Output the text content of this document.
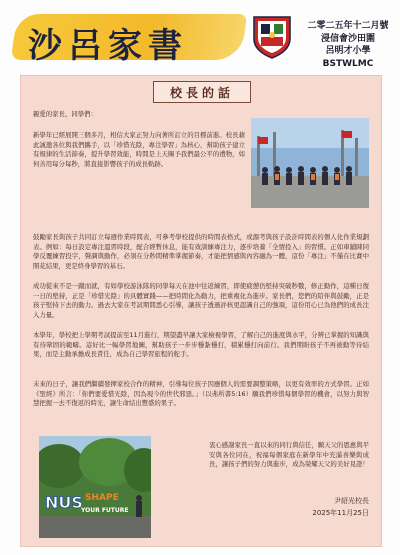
沙呂家書	二零二五年十二月號
浸信會沙田圍
呂明才小學
BSTWLMC
校長的話
親愛的家長、同學們：
新學年已經展開三個多月，相信大家正努力向著所訂立的目標前進。校長藉此誠邀各位與我們攜手，以「珍惜光陰，專注學習」為核心，幫助孩子建立有規律的生活節奏，提升學習效能，時間是上天賜予我們最公平的禮物，如何善用每分每秒，將直接影響孩子的成長軌跡。
鼓勵家長與孩子共同訂立每週作業時間表，可參考學校提供的時間表格式，或源考與孩子設計時間表的個人化作業規劃表。例如：每日設定專注溫習時段，配合經暫休息，能有效訓練專注力，逐步培養「全情投入」的習慣。正如車鋪陳同學反覆練習投字，聲調與動作，必須在分秒間精準掌握節奏，才能把情感與內容融為一體，這份「專注」不僅在比賽中開花結果，更是終身學習的基石。
成功從來不是一蹴而就，有如學校游泳隊的同學每天在池中往返練習，即使疲憊仍堅持突破秒數，修正動作，這種日復一日的堅持，正是「珍惜光陰」的具體實踐——把時間化為動力，把重複化為進步。家長們，您們的陪伴與鼓勵，正是孩子堅持下去的動力。過去大家在考試期間悉心引導，讓孩子透過評核更認識自己的強項，這份用心已為他們的成長注入力量。
本學年，學校把上學期考試提前至11月進行，期望盡早讓大家檢視學習，了解自己的進度與水平，分辨已掌握的知識與有待鞏固的範疇。這好比一幅學習地圖，幫助孩子一步步穩紮穩打，積累穩打向前行。我們期盼孩子不再被動等待結果，而是主動承擔成長責任，成為自己學習旅程的舵手。
未來的日子，讓我們繼續發揮家校合作的精神，引導每位孩子因應個人的需要調整策略，以更有效率的方式學習。正如《聖經》所言：「你們要愛惜光陰，因為現今的世代邪惡。」（以弗所書5:16）願我們珍惜每個學習的機會，以努力與智慧把握一去不復返的時光，讓生命結出豐盛的果子。
NUS SHAPE
YOUR FUTURE
衷心感謝家長一直以來的同行與信任，願天父的恩惠與平安與各位同在，祝福每個家庭在新學年中充滿喜樂與成長，讓孩子們的努力與進步，成為榮耀天父的美好見證！
尹紹光校長
2025年11月25日
